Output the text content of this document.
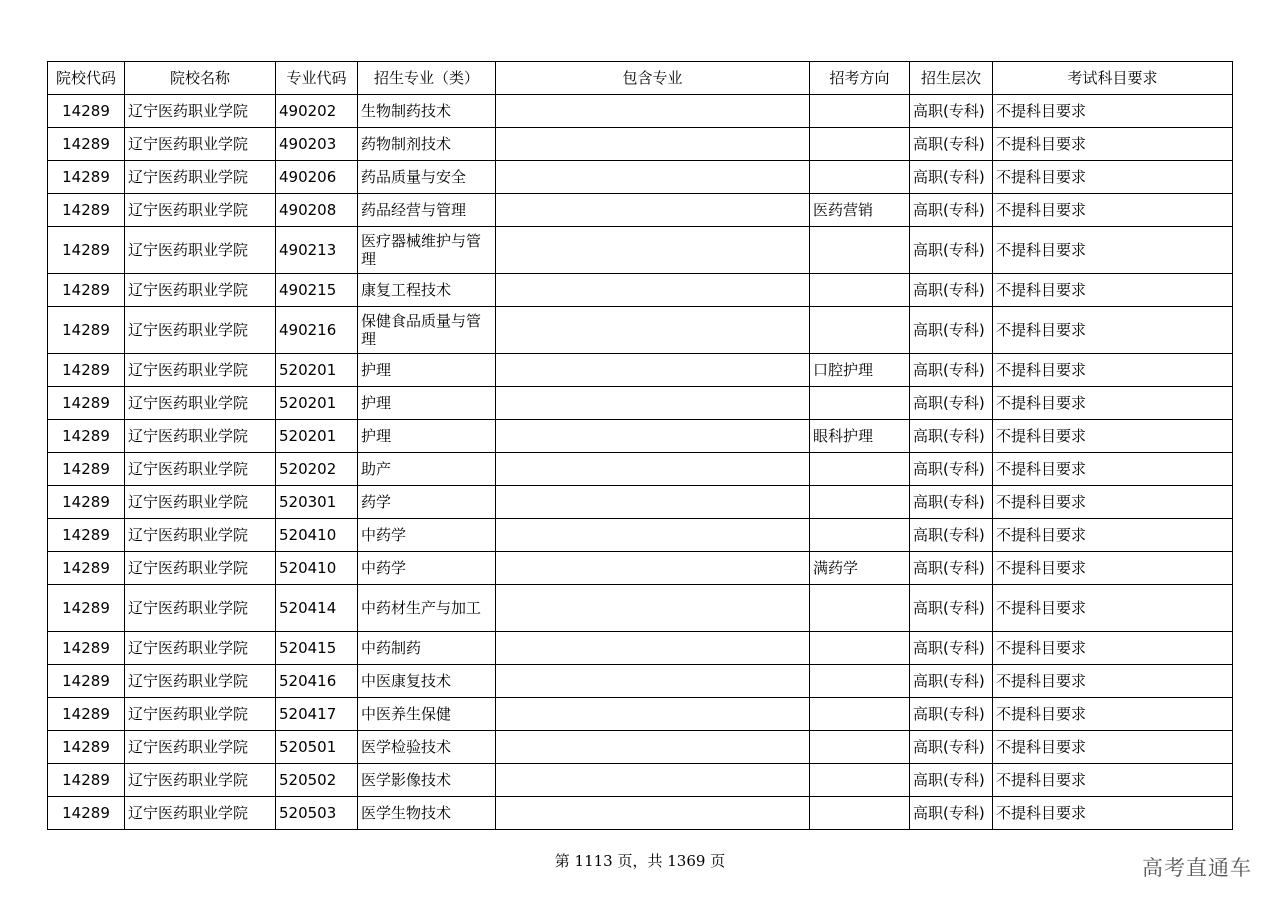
院校代码	院校名称	专业代码	招生专业（类）	包含专业	招考方向	招生层次	考试科目要求
14289	辽宁医药职业学院	490202	生物制药技术			高职(专科)	不提科目要求
14289	辽宁医药职业学院	490203	药物制剂技术			高职(专科)	不提科目要求
14289	辽宁医药职业学院	490206	药品质量与安全			高职(专科)	不提科目要求
14289	辽宁医药职业学院	490208	药品经营与管理		医药营销	高职(专科)	不提科目要求
14289	辽宁医药职业学院	490213	医疗器械维护与管理			高职(专科)	不提科目要求
14289	辽宁医药职业学院	490215	康复工程技术			高职(专科)	不提科目要求
14289	辽宁医药职业学院	490216	保健食品质量与管理			高职(专科)	不提科目要求
14289	辽宁医药职业学院	520201	护理		口腔护理	高职(专科)	不提科目要求
14289	辽宁医药职业学院	520201	护理			高职(专科)	不提科目要求
14289	辽宁医药职业学院	520201	护理		眼科护理	高职(专科)	不提科目要求
14289	辽宁医药职业学院	520202	助产			高职(专科)	不提科目要求
14289	辽宁医药职业学院	520301	药学			高职(专科)	不提科目要求
14289	辽宁医药职业学院	520410	中药学			高职(专科)	不提科目要求
14289	辽宁医药职业学院	520410	中药学		满药学	高职(专科)	不提科目要求
14289	辽宁医药职业学院	520414	中药材生产与加工			高职(专科)	不提科目要求
14289	辽宁医药职业学院	520415	中药制药			高职(专科)	不提科目要求
14289	辽宁医药职业学院	520416	中医康复技术			高职(专科)	不提科目要求
14289	辽宁医药职业学院	520417	中医养生保健			高职(专科)	不提科目要求
14289	辽宁医药职业学院	520501	医学检验技术			高职(专科)	不提科目要求
14289	辽宁医药职业学院	520502	医学影像技术			高职(专科)	不提科目要求
14289	辽宁医药职业学院	520503	医学生物技术			高职(专科)	不提科目要求
第 1113 页，共 1369 页	高考直通车
